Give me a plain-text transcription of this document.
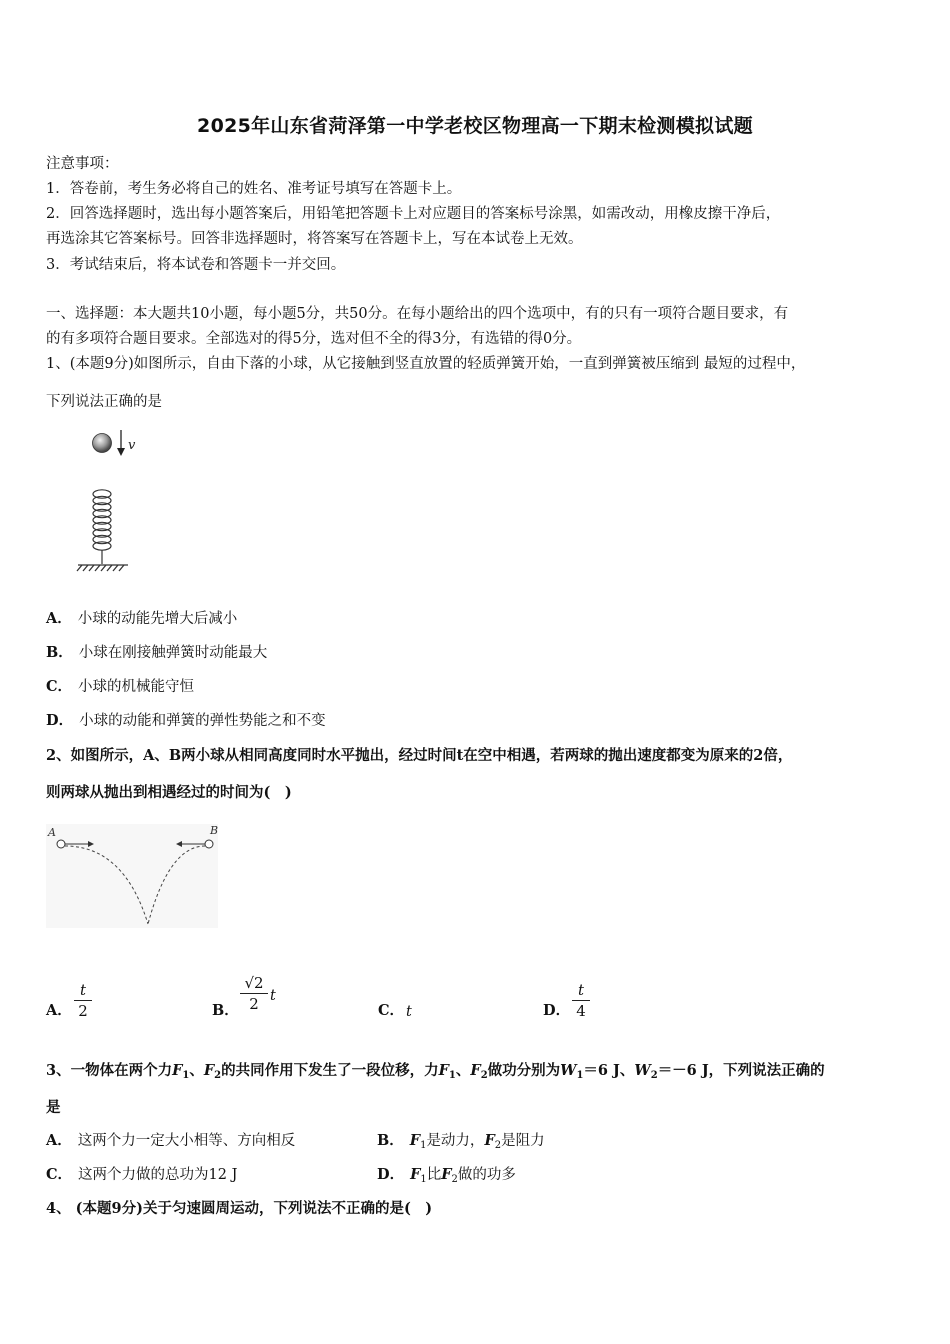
2025年山东省菏泽第一中学老校区物理高一下期末检测模拟试题
注意事项：
1．答卷前，考生务必将自己的姓名、准考证号填写在答题卡上。
2．回答选择题时，选出每小题答案后，用铅笔把答题卡上对应题目的答案标号涂黑，如需改动，用橡皮擦干净后，
再选涂其它答案标号。回答非选择题时，将答案写在答题卡上，写在本试卷上无效。
3．考试结束后，将本试卷和答题卡一并交回。
一、选择题：本大题共10小题，每小题5分，共50分。在每小题给出的四个选项中，有的只有一项符合题目要求，有
的有多项符合题目要求。全部选对的得5分，选对但不全的得3分，有选错的得0分。
1、(本题9分)如图所示，自由下落的小球，从它接触到竖直放置的轻质弹簧开始，一直到弹簧被压缩到 最短的过程中，
下列说法正确的是
v
A． 小球的动能先增大后减小
B． 小球在刚接触弹簧时动能最大
C． 小球的机械能守恒
D． 小球的动能和弹簧的弹性势能之和不变
2、如图所示，A、B两小球从相同高度同时水平抛出，经过时间t在空中相遇，若两球的抛出速度都变为原来的2倍，
则两球从抛出到相遇经过的时间为(　)
A	B
A．
t
2	B．
√2
2 t
C． t	D．
t
4
3、一物体在两个力$F_1$、$F_2$的共同作用下发生了一段位移，力$F_1$、$F_2$做功分别为$W_1=6$ J、$W_2=-6$ J，下列说法正确的
是
A． 这两个力一定大小相等、方向相反	B． $F_1$是动力，$F_2$是阻力
C． 这两个力做的总功为12 J	D． $F_1$比$F_2$做的功多
4、 (本题9分)关于匀速圆周运动，下列说法不正确的是(　)
